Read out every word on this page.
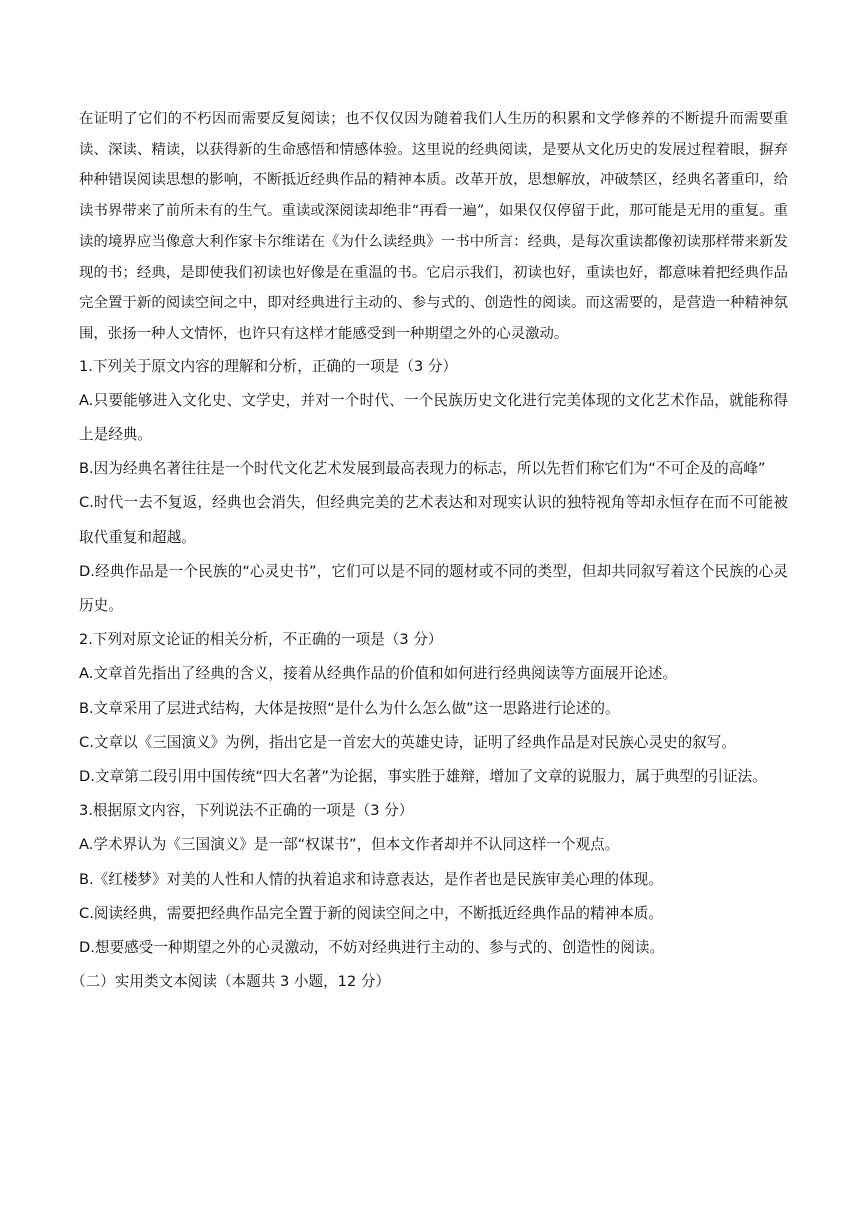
在证明了它们的不朽因而需要反复阅读；也不仅仅因为随着我们人生历的积累和文学修养的不断提升而需要重读、深读、精读，以获得新的生命感悟和情感体验。这里说的经典阅读，是要从文化历史的发展过程着眼，摒弃种种错误阅读思想的影响，不断抵近经典作品的精神本质。改革开放，思想解放，冲破禁区，经典名著重印，给读书界带来了前所未有的生气。重读或深阅读却绝非“再看一遍”，如果仅仅停留于此，那可能是无用的重复。重读的境界应当像意大利作家卡尔维诺在《为什么读经典》一书中所言：经典，是每次重读都像初读那样带来新发现的书；经典，是即使我们初读也好像是在重温的书。它启示我们，初读也好，重读也好，都意味着把经典作品完全置于新的阅读空间之中，即对经典进行主动的、参与式的、创造性的阅读。而这需要的，是营造一种精神氛围，张扬一种人文情怀，也许只有这样才能感受到一种期望之外的心灵激动。

1.下列关于原文内容的理解和分析，正确的一项是（3 分）

A.只要能够进入文化史、文学史，并对一个时代、一个民族历史文化进行完美体现的文化艺术作品，就能称得上是经典。

B.因为经典名著往往是一个时代文化艺术发展到最高表现力的标志，所以先哲们称它们为“不可企及的高峰”

C.时代一去不复返，经典也会消失，但经典完美的艺术表达和对现实认识的独特视角等却永恒存在而不可能被取代重复和超越。

D.经典作品是一个民族的“心灵史书”，它们可以是不同的题材或不同的类型，但却共同叙写着这个民族的心灵历史。

2.下列对原文论证的相关分析，不正确的一项是（3 分）

A.文章首先指出了经典的含义，接着从经典作品的价值和如何进行经典阅读等方面展开论述。

B.文章采用了层进式结构，大体是按照“是什么为什么怎么做”这一思路进行论述的。

C.文章以《三国演义》为例，指出它是一首宏大的英雄史诗，证明了经典作品是对民族心灵史的叙写。

D.文章第二段引用中国传统“四大名著”为论据，事实胜于雄辩，增加了文章的说服力，属于典型的引证法。

3.根据原文内容，下列说法不正确的一项是（3 分）

A.学术界认为《三国演义》是一部“权谋书”，但本文作者却并不认同这样一个观点。

B.《红楼梦》对美的人性和人情的执着追求和诗意表达，是作者也是民族审美心理的体现。

C.阅读经典，需要把经典作品完全置于新的阅读空间之中，不断抵近经典作品的精神本质。

D.想要感受一种期望之外的心灵激动，不妨对经典进行主动的、参与式的、创造性的阅读。

（二）实用类文本阅读（本题共 3 小题，12 分）
